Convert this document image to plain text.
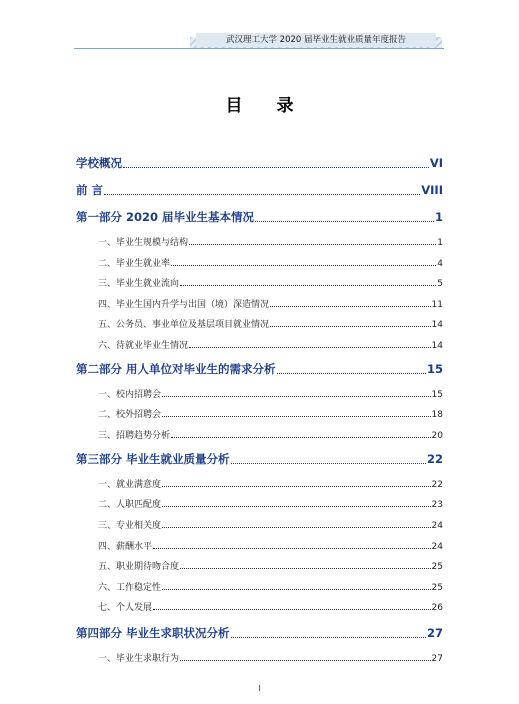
武汉理工大学 2020 届毕业生就业质量年度报告
目 录
学校概况	VI
前 言	VIII
第一部分 2020 届毕业生基本情况	1
一、毕业生规模与结构	1
二、毕业生就业率	4
三、毕业生就业流向	5
四、毕业生国内升学与出国（境）深造情况	11
五、公务员、事业单位及基层项目就业情况	14
六、待就业毕业生情况	14
第二部分 用人单位对毕业生的需求分析	15
一、校内招聘会	15
二、校外招聘会	18
三、招聘趋势分析	20
第三部分 毕业生就业质量分析	22
一、就业满意度	22
二、人职匹配度	23
三、专业相关度	24
四、薪酬水平	24
五、职业期待吻合度	25
六、工作稳定性	25
七、个人发展	26
第四部分 毕业生求职状况分析	27
一、毕业生求职行为	27
I
